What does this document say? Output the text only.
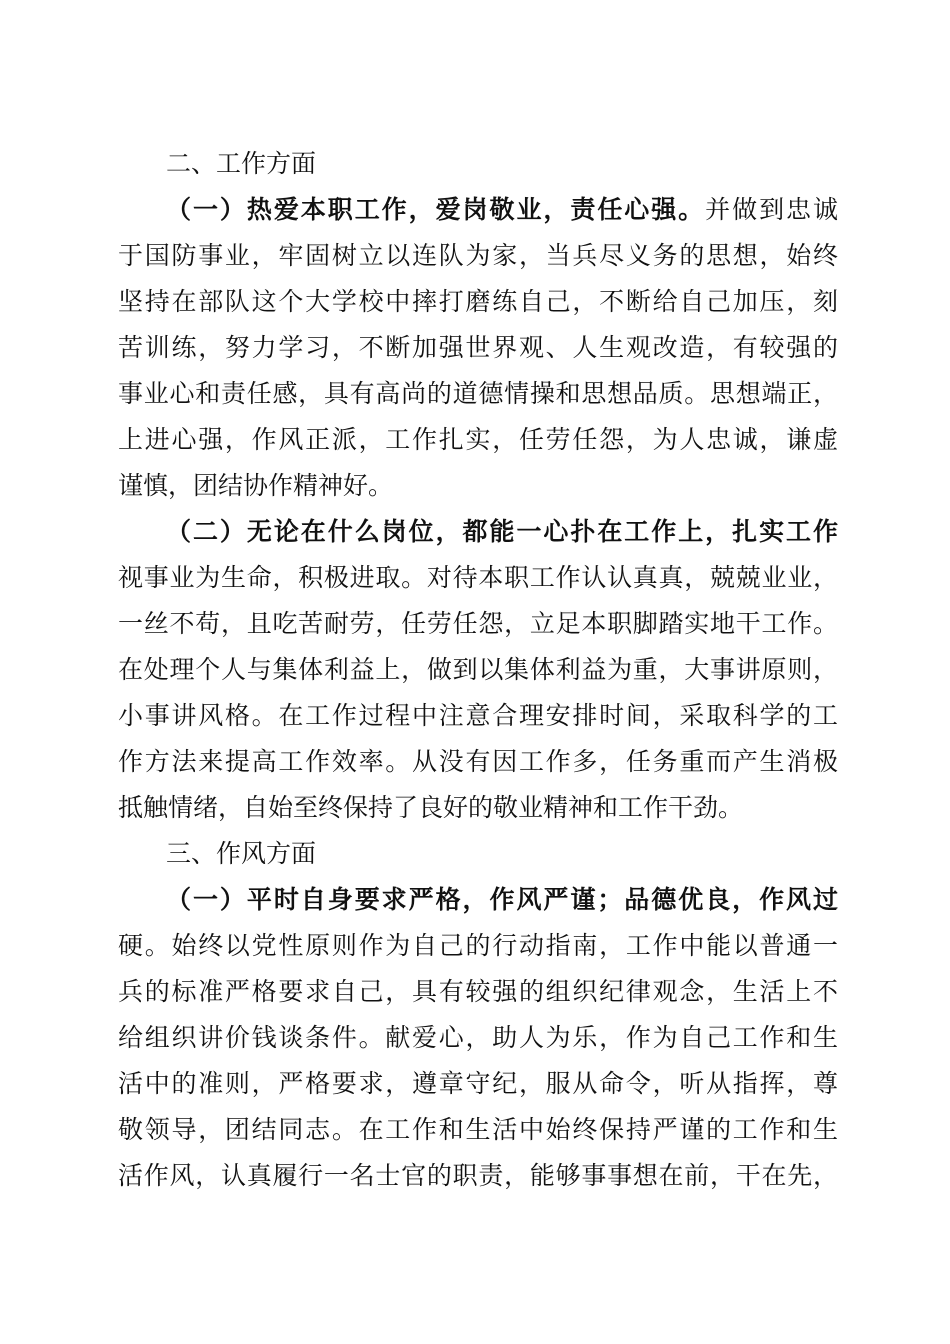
二、工作方面
（一）热爱本职工作，爱岗敬业，责任心强。并做到忠诚
于国防事业，牢固树立以连队为家，当兵尽义务的思想，始终
坚持在部队这个大学校中摔打磨练自己，不断给自己加压，刻
苦训练，努力学习，不断加强世界观、人生观改造，有较强的
事业心和责任感，具有高尚的道德情操和思想品质。思想端正，
上进心强，作风正派，工作扎实，任劳任怨，为人忠诚，谦虚
谨慎，团结协作精神好。
（二）无论在什么岗位，都能一心扑在工作上，扎实工作
视事业为生命，积极进取。对待本职工作认认真真，兢兢业业，
一丝不苟，且吃苦耐劳，任劳任怨，立足本职脚踏实地干工作。
在处理个人与集体利益上，做到以集体利益为重，大事讲原则，
小事讲风格。在工作过程中注意合理安排时间，采取科学的工
作方法来提高工作效率。从没有因工作多，任务重而产生消极
抵触情绪，自始至终保持了良好的敬业精神和工作干劲。
三、作风方面
（一）平时自身要求严格，作风严谨；品德优良，作风过
硬。始终以党性原则作为自己的行动指南，工作中能以普通一
兵的标准严格要求自己，具有较强的组织纪律观念，生活上不
给组织讲价钱谈条件。献爱心，助人为乐，作为自己工作和生
活中的准则，严格要求，遵章守纪，服从命令，听从指挥，尊
敬领导，团结同志。在工作和生活中始终保持严谨的工作和生
活作风，认真履行一名士官的职责，能够事事想在前，干在先，
